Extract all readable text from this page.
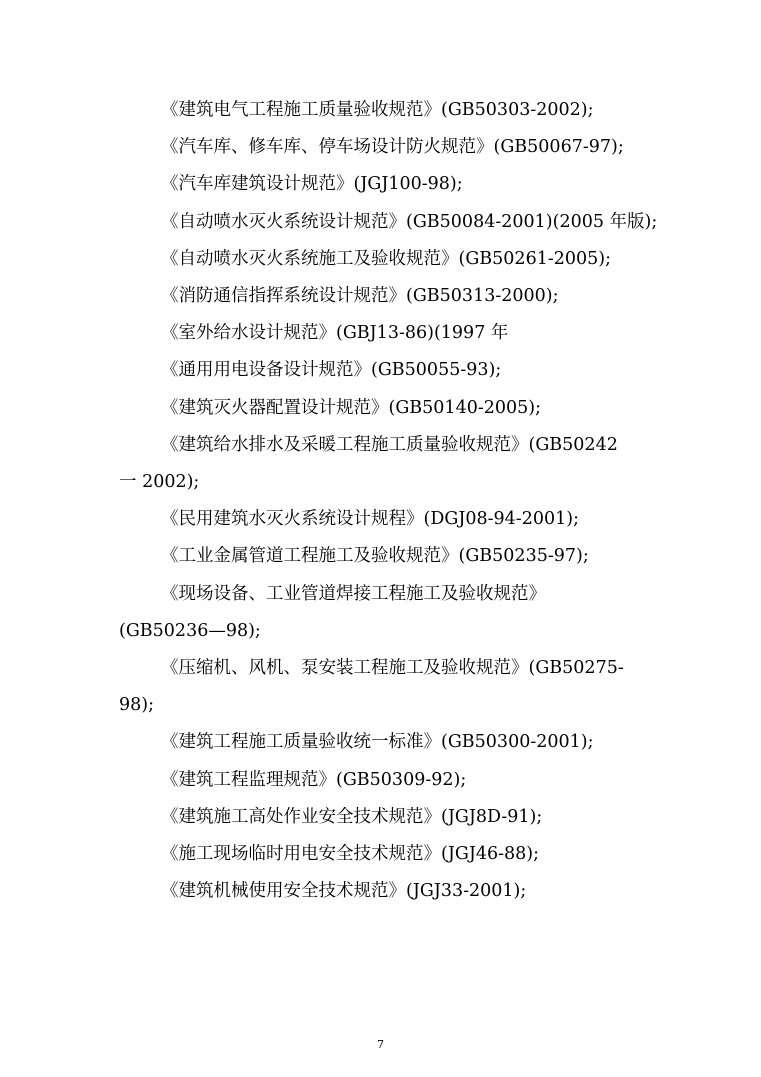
《建筑电气工程施工质量验收规范》(GB50303-2002);
《汽车库、修车库、停车场设计防火规范》(GB50067-97);
《汽车库建筑设计规范》(JGJ100-98);
《自动喷水灭火系统设计规范》(GB50084-2001)(2005 年版);
《自动喷水灭火系统施工及验收规范》(GB50261-2005);
《消防通信指挥系统设计规范》(GB50313-2000);
《室外给水设计规范》(GBJ13-86)(1997 年
《通用用电设备设计规范》(GB50055-93);
《建筑灭火器配置设计规范》(GB50140-2005);
《建筑给水排水及采暖工程施工质量验收规范》(GB50242
一 2002);
《民用建筑水灭火系统设计规程》(DGJ08-94-2001);
《工业金属管道工程施工及验收规范》(GB50235-97);
《现场设备、工业管道焊接工程施工及验收规范》
(GB50236—98);
《压缩机、风机、泵安装工程施工及验收规范》(GB50275-
98);
《建筑工程施工质量验收统一标准》(GB50300-2001);
《建筑工程监理规范》(GB50309-92);
《建筑施工高处作业安全技术规范》(JGJ8D-91);
《施工现场临时用电安全技术规范》(JGJ46-88);
《建筑机械使用安全技术规范》(JGJ33-2001);
7
